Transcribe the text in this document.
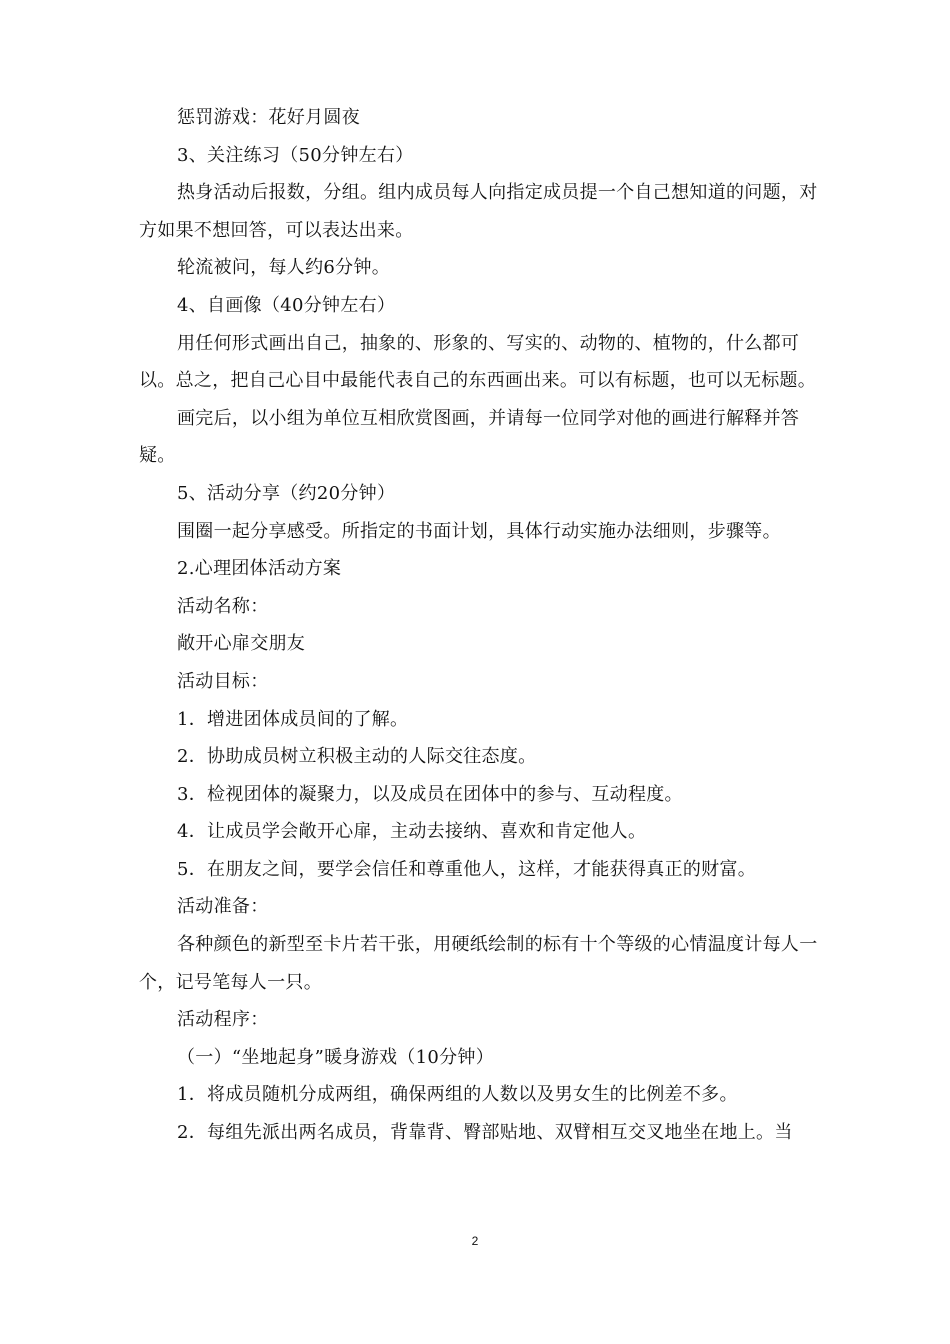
惩罚游戏：花好月圆夜

3、关注练习（50分钟左右）

热身活动后报数，分组。组内成员每人向指定成员提一个自己想知道的问题，对方如果不想回答，可以表达出来。

轮流被问，每人约6分钟。

4、自画像（40分钟左右）

用任何形式画出自己，抽象的、形象的、写实的、动物的、植物的，什么都可以。总之，把自己心目中最能代表自己的东西画出来。可以有标题，也可以无标题。

画完后，以小组为单位互相欣赏图画，并请每一位同学对他的画进行解释并答疑。

5、活动分享（约20分钟）

围圈一起分享感受。所指定的书面计划，具体行动实施办法细则，步骤等。

2.心理团体活动方案

活动名称：

敞开心扉交朋友

活动目标：

1．增进团体成员间的了解。

2．协助成员树立积极主动的人际交往态度。

3．检视团体的凝聚力，以及成员在团体中的参与、互动程度。

4．让成员学会敞开心扉，主动去接纳、喜欢和肯定他人。

5．在朋友之间，要学会信任和尊重他人，这样，才能获得真正的财富。

活动准备：

各种颜色的新型至卡片若干张，用硬纸绘制的标有十个等级的心情温度计每人一个，记号笔每人一只。

活动程序：

（一）“坐地起身”暖身游戏（10分钟）

1．将成员随机分成两组，确保两组的人数以及男女生的比例差不多。

2．每组先派出两名成员，背靠背、臀部贴地、双臂相互交叉地坐在地上。当

2
